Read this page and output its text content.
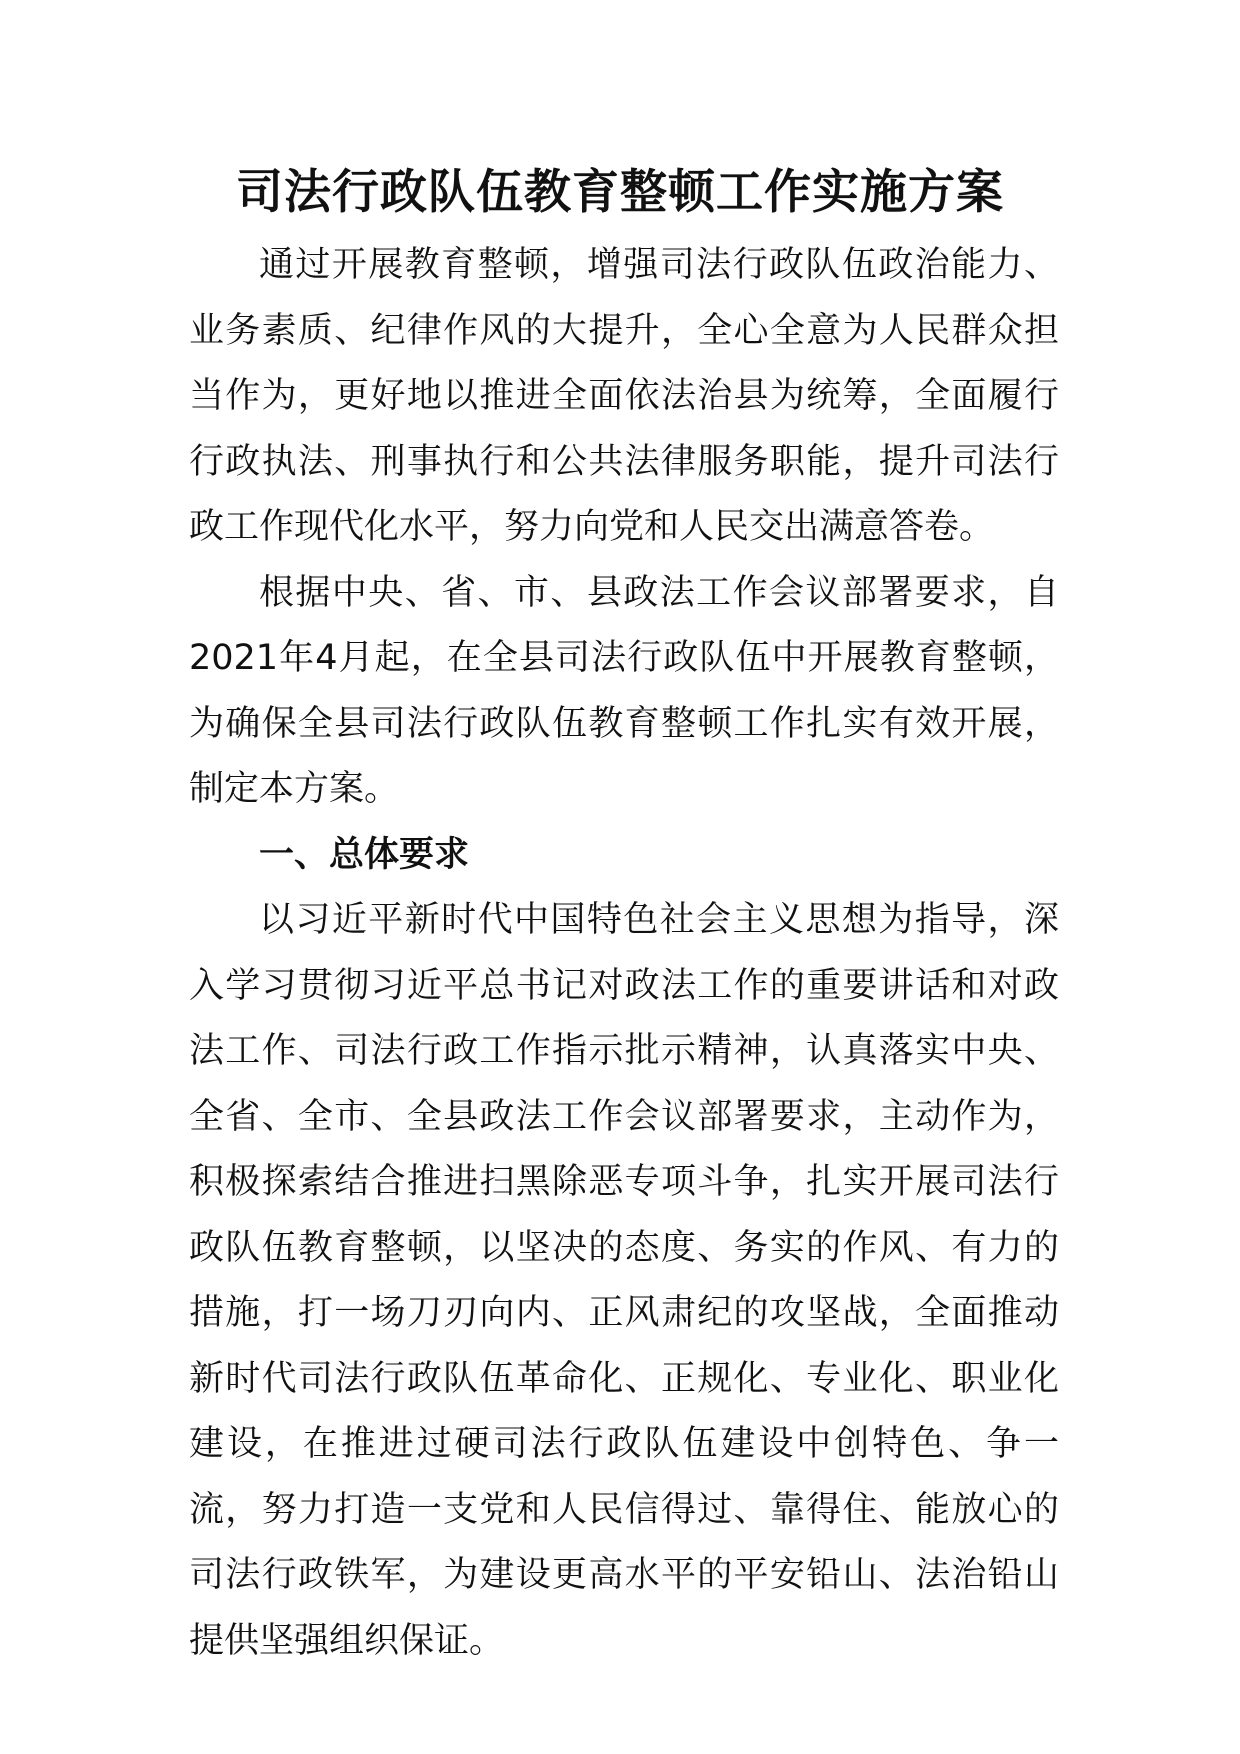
司法行政队伍教育整顿工作实施方案

通过开展教育整顿，增强司法行政队伍政治能力、业务素质、纪律作风的大提升，全心全意为人民群众担当作为，更好地以推进全面依法治县为统筹，全面履行行政执法、刑事执行和公共法律服务职能，提升司法行政工作现代化水平，努力向党和人民交出满意答卷。

根据中央、省、市、县政法工作会议部署要求，自2021年4月起，在全县司法行政队伍中开展教育整顿，为确保全县司法行政队伍教育整顿工作扎实有效开展，制定本方案。

一、总体要求

以习近平新时代中国特色社会主义思想为指导，深入学习贯彻习近平总书记对政法工作的重要讲话和对政法工作、司法行政工作指示批示精神，认真落实中央、全省、全市、全县政法工作会议部署要求，主动作为，积极探索结合推进扫黑除恶专项斗争，扎实开展司法行政队伍教育整顿，以坚决的态度、务实的作风、有力的措施，打一场刀刃向内、正风肃纪的攻坚战，全面推动新时代司法行政队伍革命化、正规化、专业化、职业化建设，在推进过硬司法行政队伍建设中创特色、争一流，努力打造一支党和人民信得过、靠得住、能放心的司法行政铁军，为建设更高水平的平安铅山、法治铅山提供坚强组织保证。
